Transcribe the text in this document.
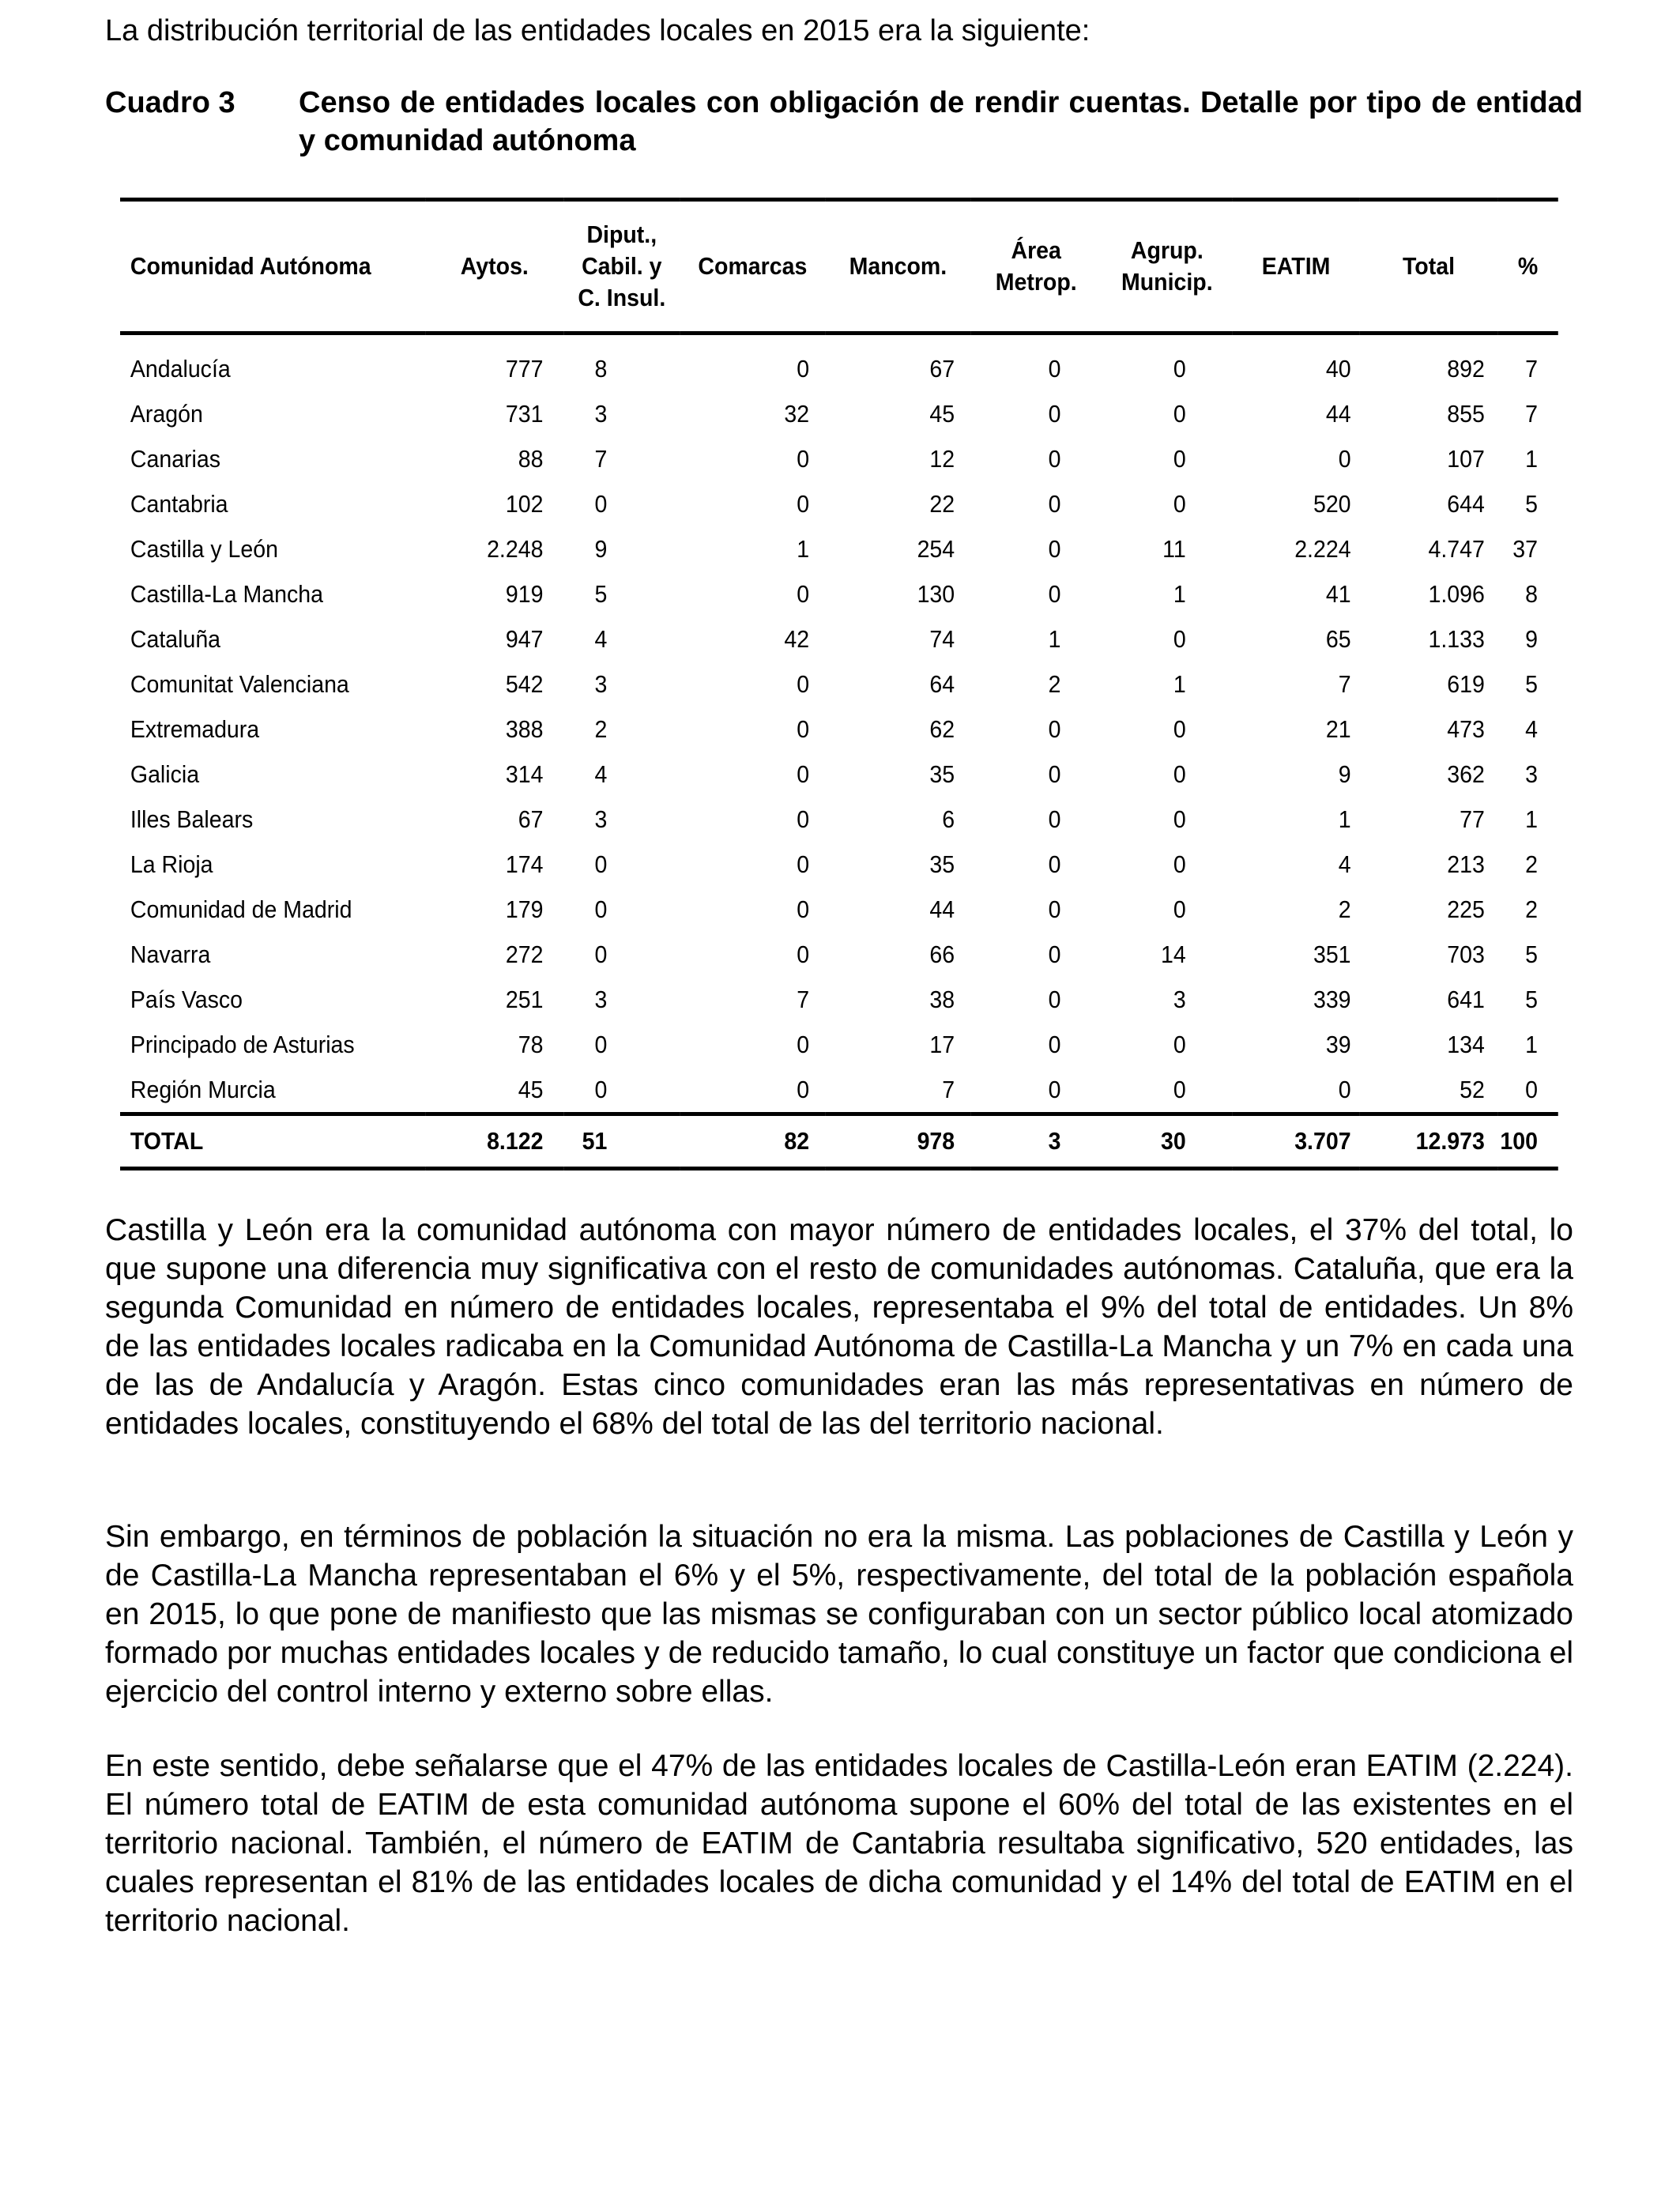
La distribución territorial de las entidades locales en 2015 era la siguiente:

Cuadro 3 Censo de entidades locales con obligación de rendir cuentas. Detalle por tipo de entidad y comunidad autónoma
Comunidad Autónoma	Aytos.	Diput.,
Cabil. y
C. Insul.	Comarcas	Mancom.	Área
Metrop.	Agrup.
Municip.	EATIM	Total	%
Andalucía	777	8	0	67	0	0	40	892	7
Aragón	731	3	32	45	0	0	44	855	7
Canarias	88	7	0	12	0	0	0	107	1
Cantabria	102	0	0	22	0	0	520	644	5
Castilla y León	2.248	9	1	254	0	11	2.224	4.747	37
Castilla-La Mancha	919	5	0	130	0	1	41	1.096	8
Cataluña	947	4	42	74	1	0	65	1.133	9
Comunitat Valenciana	542	3	0	64	2	1	7	619	5
Extremadura	388	2	0	62	0	0	21	473	4
Galicia	314	4	0	35	0	0	9	362	3
Illes Balears	67	3	0	6	0	0	1	77	1
La Rioja	174	0	0	35	0	0	4	213	2
Comunidad de Madrid	179	0	0	44	0	0	2	225	2
Navarra	272	0	0	66	0	14	351	703	5
País Vasco	251	3	7	38	0	3	339	641	5
Principado de Asturias	78	0	0	17	0	0	39	134	1
Región Murcia	45	0	0	7	0	0	0	52	0
TOTAL	8.122	51	82	978	3	30	3.707	12.973	100

Castilla y León era la comunidad autónoma con mayor número de entidades locales, el 37% del total, lo que supone una diferencia muy significativa con el resto de comunidades autónomas. Cataluña, que era la segunda Comunidad en número de entidades locales, representaba el 9% del total de entidades. Un 8% de las entidades locales radicaba en la Comunidad Autónoma de Castilla-La Mancha y un 7% en cada una de las de Andalucía y Aragón. Estas cinco comunidades eran las más representativas en número de entidades locales, constituyendo el 68% del total de las del territorio nacional.

Sin embargo, en términos de población la situación no era la misma. Las poblaciones de Castilla y León y de Castilla-La Mancha representaban el 6% y el 5%, respectivamente, del total de la población española en 2015, lo que pone de manifiesto que las mismas se configuraban con un sector público local atomizado formado por muchas entidades locales y de reducido tamaño, lo cual constituye un factor que condiciona el ejercicio del control interno y externo sobre ellas.

En este sentido, debe señalarse que el 47% de las entidades locales de Castilla-León eran EATIM (2.224). El número total de EATIM de esta comunidad autónoma supone el 60% del total de las existentes en el territorio nacional. También, el número de EATIM de Cantabria resultaba significativo, 520 entidades, las cuales representan el 81% de las entidades locales de dicha comunidad y el 14% del total de EATIM en el territorio nacional.
